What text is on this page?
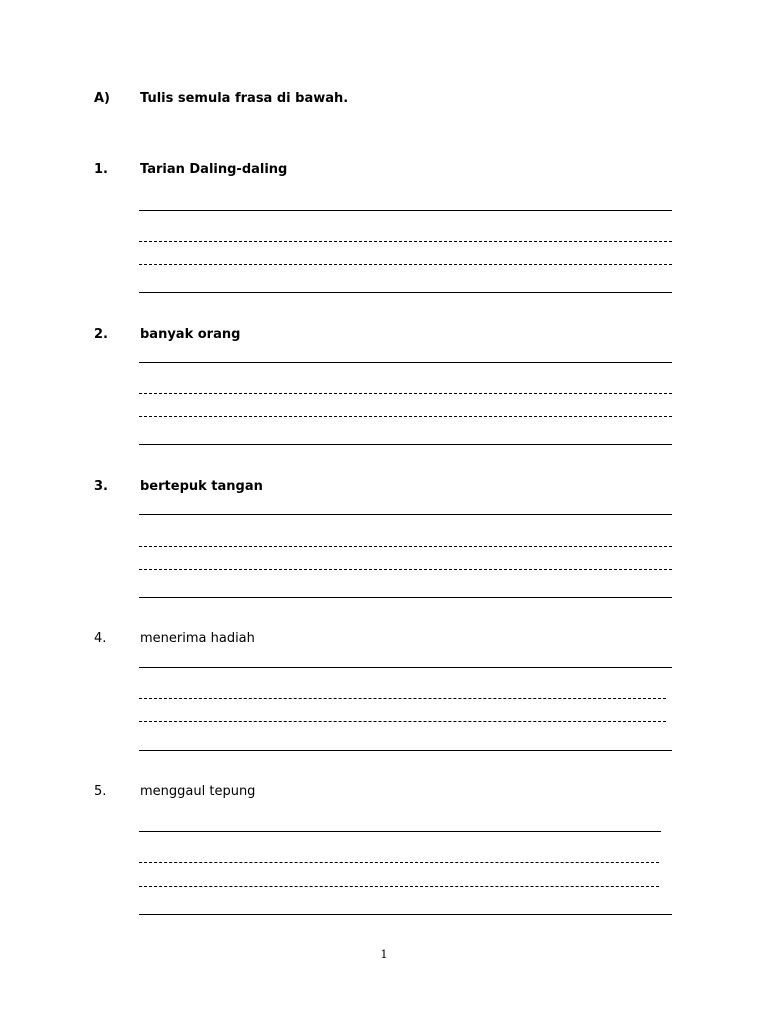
A) Tulis semula frasa di bawah.
1. Tarian Daling-daling
2. banyak orang
3. bertepuk tangan
4.	menerima hadiah
5.	menggaul tepung
1
